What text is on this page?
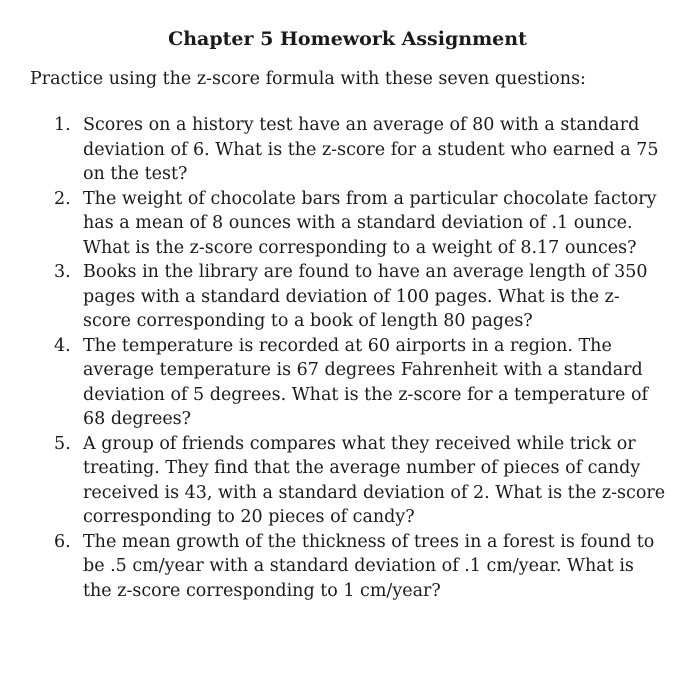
Chapter 5 Homework Assignment
Practice using the z-score formula with these seven questions:
1. Scores on a history test have an average of 80 with a standard deviation of 6. What is the z-score for a student who earned a 75 on the test?
2. The weight of chocolate bars from a particular chocolate factory has a mean of 8 ounces with a standard deviation of .1 ounce. What is the z-score corresponding to a weight of 8.17 ounces?
3. Books in the library are found to have an average length of 350 pages with a standard deviation of 100 pages. What is the z-score corresponding to a book of length 80 pages?
4. The temperature is recorded at 60 airports in a region. The average temperature is 67 degrees Fahrenheit with a standard deviation of 5 degrees. What is the z-score for a temperature of 68 degrees?
5. A group of friends compares what they received while trick or treating. They find that the average number of pieces of candy received is 43, with a standard deviation of 2. What is the z-score corresponding to 20 pieces of candy?
6. The mean growth of the thickness of trees in a forest is found to be .5 cm/year with a standard deviation of .1 cm/year. What is the z-score corresponding to 1 cm/year?
